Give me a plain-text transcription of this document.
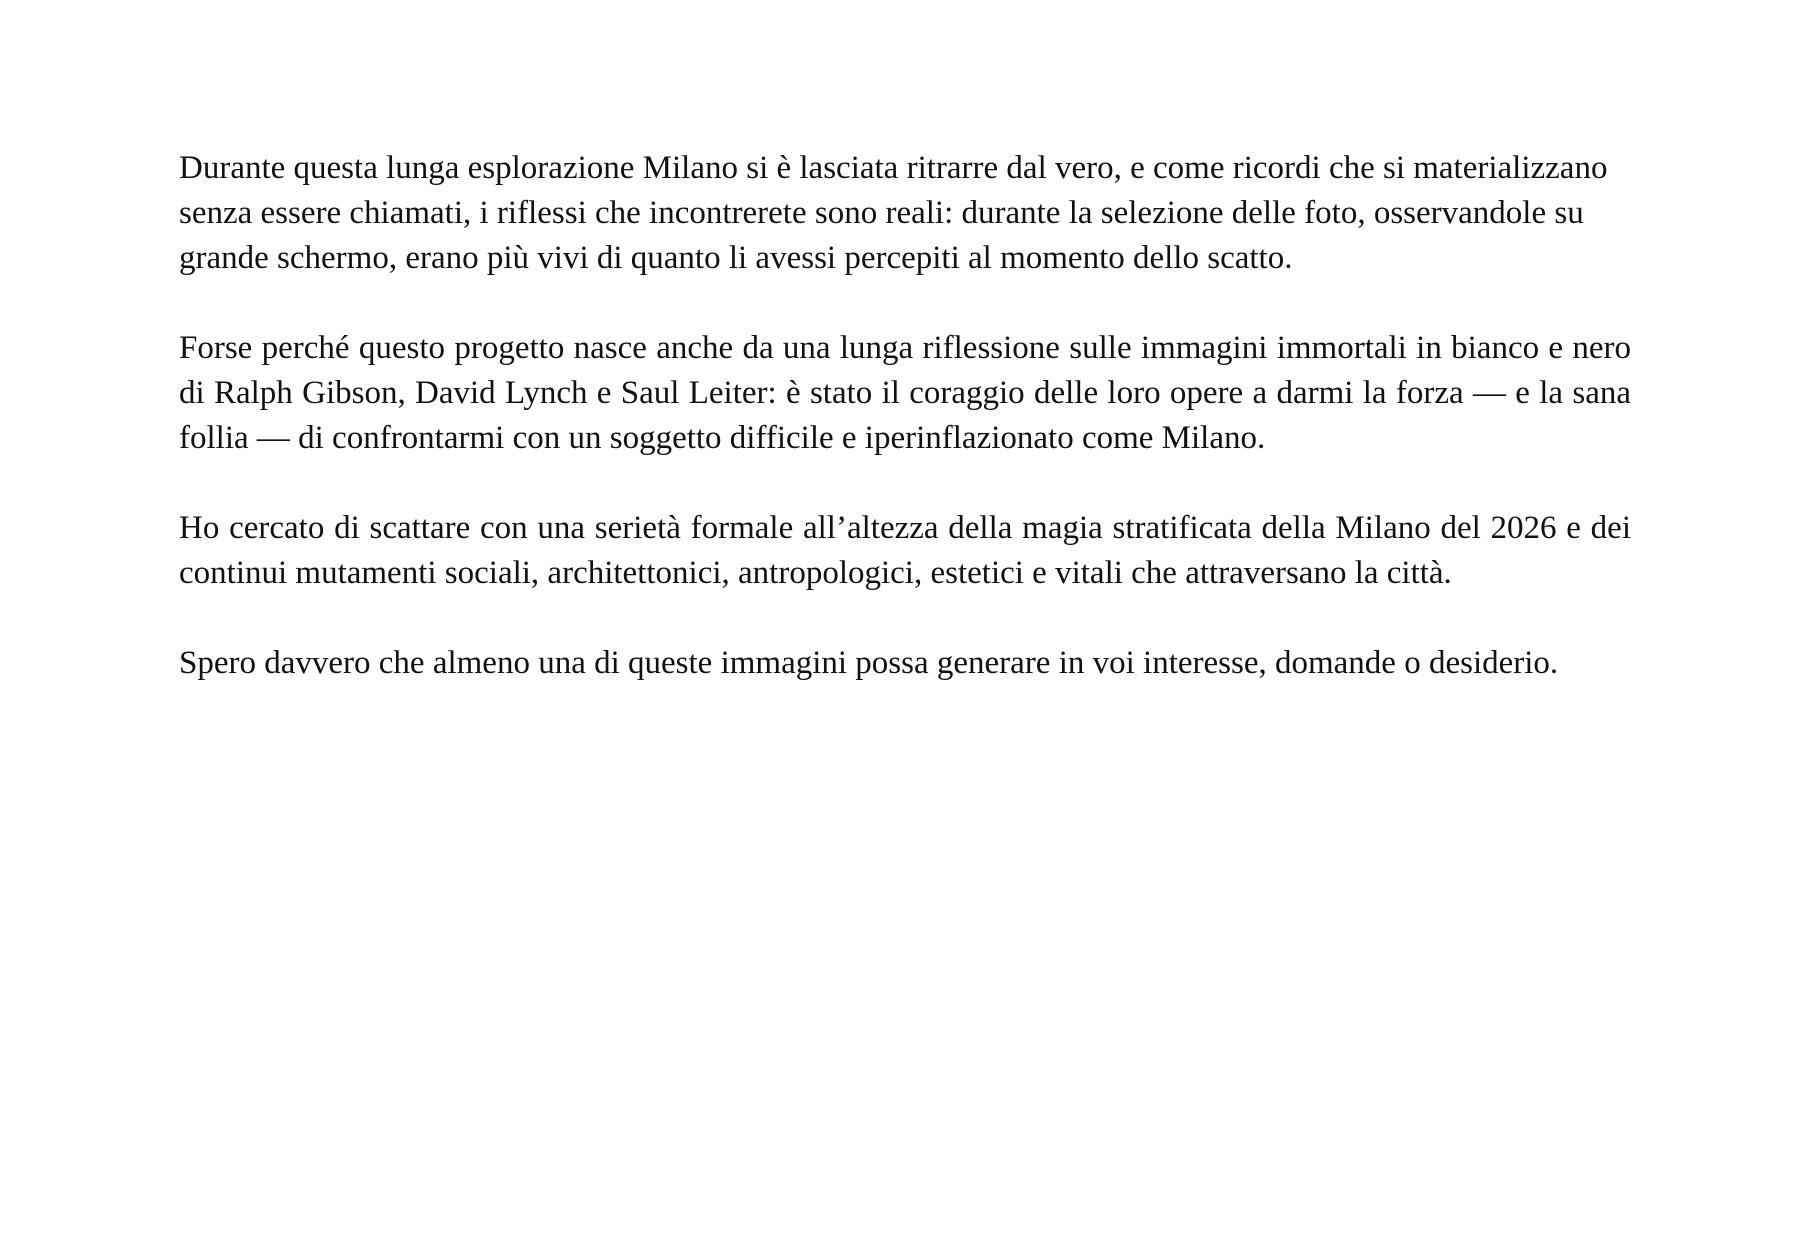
Durante questa lunga esplorazione Milano si è lasciata ritrarre dal vero, e come ricordi che si materializzano senza essere chiamati, i riflessi che incontrerete sono reali: durante la selezione delle foto, osservandole su grande schermo, erano più vivi di quanto li avessi percepiti al momento dello scatto.

Forse perché questo progetto nasce anche da una lunga riflessione sulle immagini immortali in bianco e nero di Ralph Gibson, David Lynch e Saul Leiter: è stato il coraggio delle loro opere a darmi la forza — e la sana follia — di confrontarmi con un soggetto difficile e iperinflazionato come Milano.

Ho cercato di scattare con una serietà formale all’altezza della magia stratificata della Milano del 2026 e dei continui mutamenti sociali, architettonici, antropologici, estetici e vitali che attraversano la città.

Spero davvero che almeno una di queste immagini possa generare in voi interesse, domande o desiderio.
